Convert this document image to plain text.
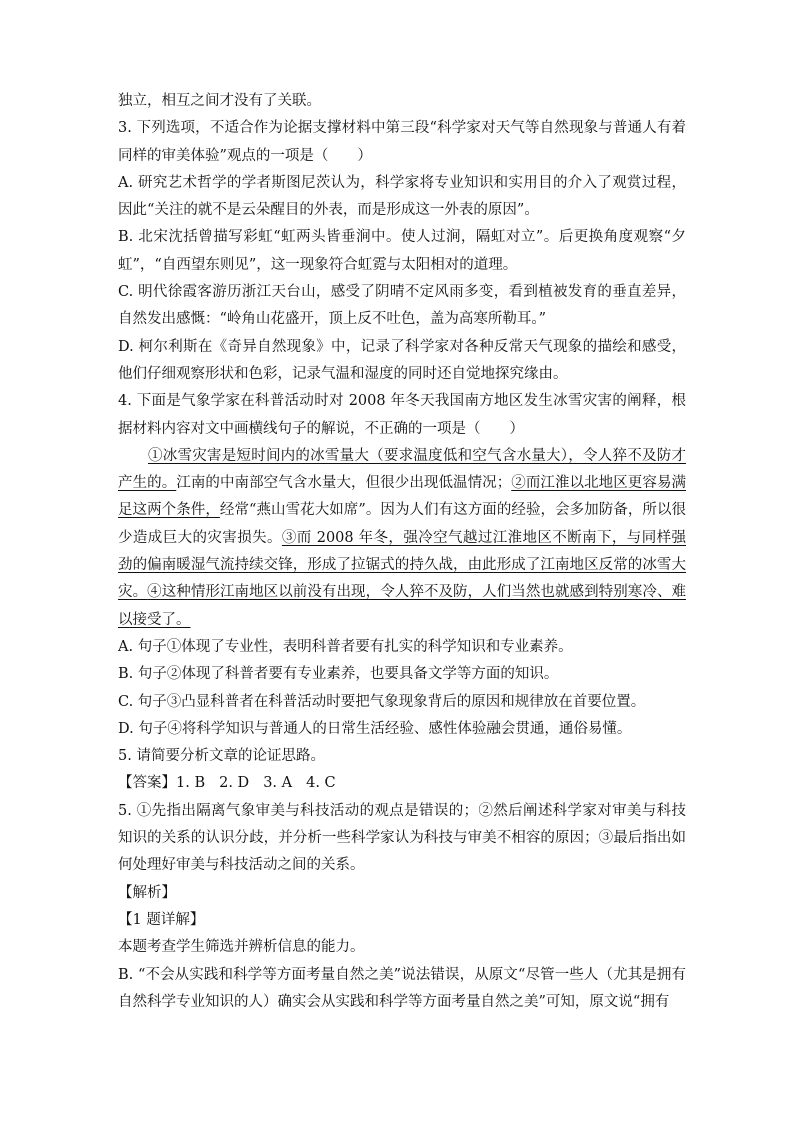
独立，相互之间才没有了关联。

3. 下列选项，不适合作为论据支撑材料中第三段“科学家对天气等自然现象与普通人有着同样的审美体验”观点的一项是（　　）

A. 研究艺术哲学的学者斯图尼茨认为，科学家将专业知识和实用目的介入了观赏过程，因此“关注的就不是云朵醒目的外表，而是形成这一外表的原因”。

B. 北宋沈括曾描写彩虹“虹两头皆垂涧中。使人过涧，隔虹对立”。后更换角度观察“夕虹”，“自西望东则见”，这一现象符合虹霓与太阳相对的道理。

C. 明代徐霞客游历浙江天台山，感受了阴晴不定风雨多变，看到植被发育的垂直差异，自然发出感慨：“岭角山花盛开，顶上反不吐色，盖为高寒所勒耳。”

D. 柯尔利斯在《奇异自然现象》中，记录了科学家对各种反常天气现象的描绘和感受，他们仔细观察形状和色彩，记录气温和湿度的同时还自觉地探究缘由。

4. 下面是气象学家在科普活动时对 2008 年冬天我国南方地区发生冰雪灾害的阐释，根据材料内容对文中画横线句子的解说，不正确的一项是（　　）

①冰雪灾害是短时间内的冰雪量大（要求温度低和空气含水量大），令人猝不及防才产生的。江南的中南部空气含水量大，但很少出现低温情况；②而江淮以北地区更容易满足这两个条件，经常“燕山雪花大如席”。因为人们有这方面的经验，会多加防备，所以很少造成巨大的灾害损失。③而 2008 年冬，强冷空气越过江淮地区不断南下，与同样强劲的偏南暖湿气流持续交锋，形成了拉锯式的持久战，由此形成了江南地区反常的冰雪大灾。④这种情形江南地区以前没有出现，令人猝不及防，人们当然也就感到特别寒冷、难以接受了。

A. 句子①体现了专业性，表明科普者要有扎实的科学知识和专业素养。

B. 句子②体现了科普者要有专业素养，也要具备文学等方面的知识。

C. 句子③凸显科普者在科普活动时要把气象现象背后的原因和规律放在首要位置。

D. 句子④将科学知识与普通人的日常生活经验、感性体验融会贯通，通俗易懂。

5. 请简要分析文章的论证思路。

【答案】1. B 2. D 3. A 4. C

5. ①先指出隔离气象审美与科技活动的观点是错误的；②然后阐述科学家对审美与科技知识的关系的认识分歧，并分析一些科学家认为科技与审美不相容的原因；③最后指出如何处理好审美与科技活动之间的关系。

【解析】

【1 题详解】

本题考查学生筛选并辨析信息的能力。

B. “不会从实践和科学等方面考量自然之美”说法错误，从原文“尽管一些人（尤其是拥有自然科学专业知识的人）确实会从实践和科学等方面考量自然之美”可知，原文说“拥有
